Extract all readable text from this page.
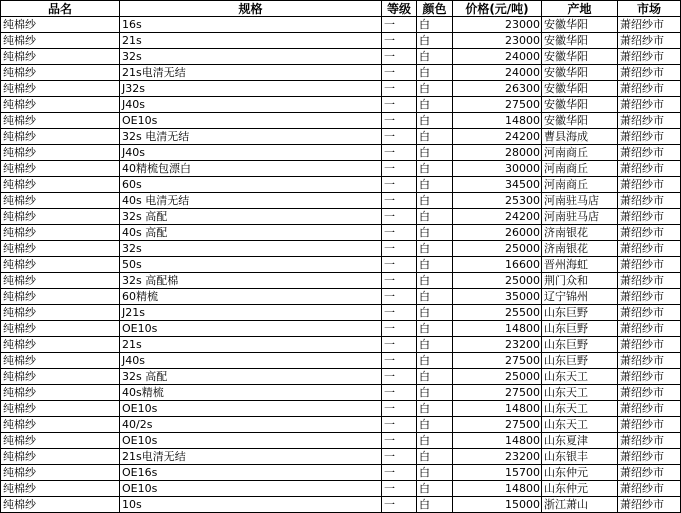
品名	规格	等级	颜色	价格(元/吨)	产地	市场
纯棉纱	16s	一	白	23000	安徽华阳	萧绍纱市
纯棉纱	21s	一	白	23000	安徽华阳	萧绍纱市
纯棉纱	32s	一	白	24000	安徽华阳	萧绍纱市
纯棉纱	21s电清无结	一	白	24000	安徽华阳	萧绍纱市
纯棉纱	J32s	一	白	26300	安徽华阳	萧绍纱市
纯棉纱	J40s	一	白	27500	安徽华阳	萧绍纱市
纯棉纱	OE10s	一	白	14800	安徽华阳	萧绍纱市
纯棉纱	32s 电清无结	一	白	24200	曹县海成	萧绍纱市
纯棉纱	J40s	一	白	28000	河南商丘	萧绍纱市
纯棉纱	40精梳包漂白	一	白	30000	河南商丘	萧绍纱市
纯棉纱	60s	一	白	34500	河南商丘	萧绍纱市
纯棉纱	40s 电清无结	一	白	25300	河南驻马店	萧绍纱市
纯棉纱	32s 高配	一	白	24200	河南驻马店	萧绍纱市
纯棉纱	40s 高配	一	白	26000	济南银花	萧绍纱市
纯棉纱	32s	一	白	25000	济南银花	萧绍纱市
纯棉纱	50s	一	白	16600	晋州海虹	萧绍纱市
纯棉纱	32s 高配棉	一	白	25000	荆门众和	萧绍纱市
纯棉纱	60精梳	一	白	35000	辽宁锦州	萧绍纱市
纯棉纱	J21s	一	白	25500	山东巨野	萧绍纱市
纯棉纱	OE10s	一	白	14800	山东巨野	萧绍纱市
纯棉纱	21s	一	白	23200	山东巨野	萧绍纱市
纯棉纱	J40s	一	白	27500	山东巨野	萧绍纱市
纯棉纱	32s 高配	一	白	25000	山东天工	萧绍纱市
纯棉纱	40s精梳	一	白	27500	山东天工	萧绍纱市
纯棉纱	OE10s	一	白	14800	山东天工	萧绍纱市
纯棉纱	40/2s	一	白	27500	山东天工	萧绍纱市
纯棉纱	OE10s	一	白	14800	山东夏津	萧绍纱市
纯棉纱	21s电清无结	一	白	23200	山东银丰	萧绍纱市
纯棉纱	OE16s	一	白	15700	山东仲元	萧绍纱市
纯棉纱	OE10s	一	白	14800	山东仲元	萧绍纱市
纯棉纱	10s	一	白	15000	浙江萧山	萧绍纱市
